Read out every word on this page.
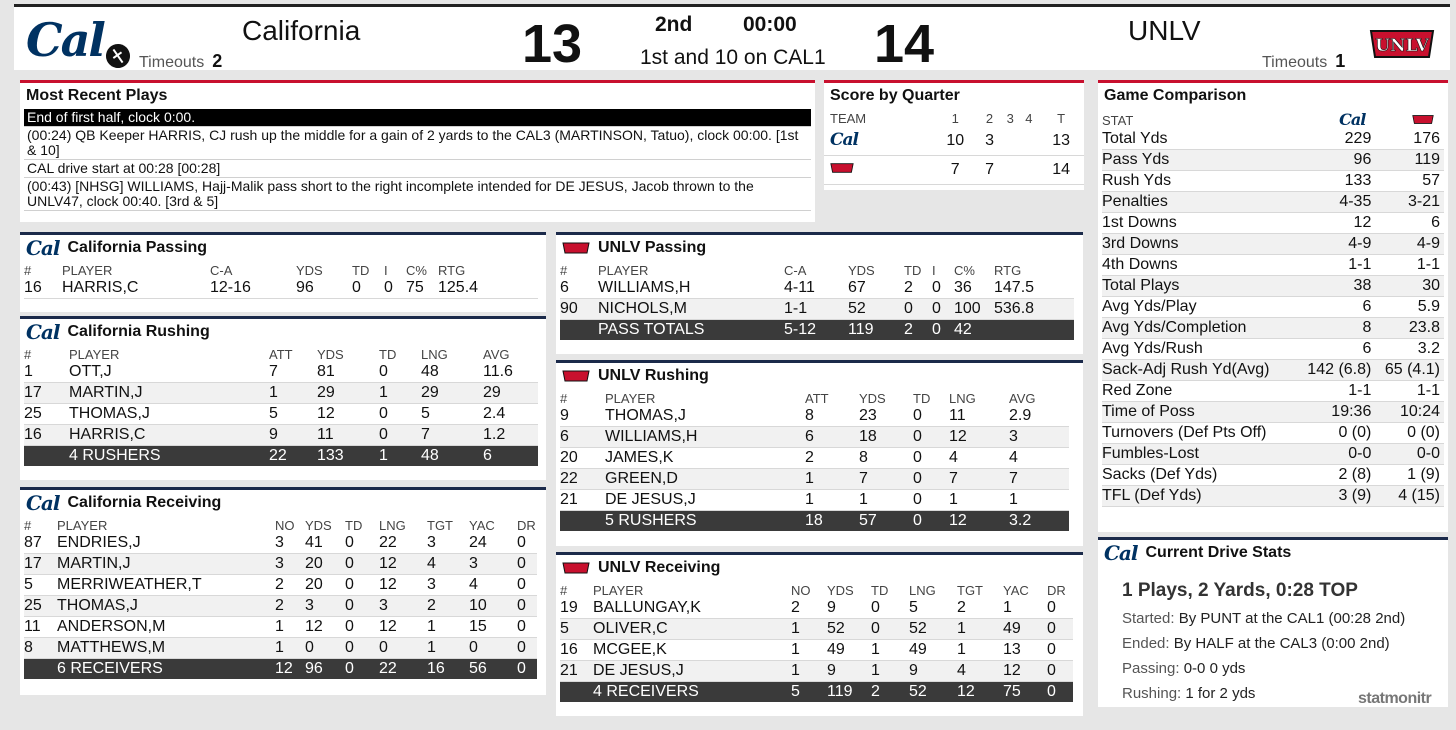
Cal	California
Timeouts 2	13	2nd 00:00
1st and 10 on CAL1 14	UNLV
Timeouts 1
UNLV
Most Recent Plays
End of first half, clock 0:00.
(00:24) QB Keeper HARRIS, CJ rush up the middle for a gain of 2 yards to the CAL3 (MARTINSON, Tatuo), clock 00:00. [1st & 10]
CAL drive start at 00:28 [00:28]
(00:43) [NHSG] WILLIAMS, Hajj-Malik pass short to the right incomplete intended for DE JESUS, Jacob thrown to the UNLV47, clock 00:40. [3rd & 5]
Score by Quarter
TEAM	1	2	3	4	T
Cal	10	3			13
	7	7			14
Game Comparison
STAT	Cal	
Total Yds	229	176
Pass Yds	96	119
Rush Yds	133	57
Penalties	4-35	3-21
1st Downs	12	6
3rd Downs	4-9	4-9
4th Downs	1-1	1-1
Total Plays	38	30
Avg Yds/Play	6	5.9
Avg Yds/Completion	8	23.8
Avg Yds/Rush	6	3.2
Sack-Adj Rush Yd(Avg)	142 (6.8)	65 (4.1)
Red Zone	1-1	1-1
Time of Poss	19:36	10:24
Turnovers (Def Pts Off)	0 (0)	0 (0)
Fumbles-Lost	0-0	0-0
Sacks (Def Yds)	2 (8)	1 (9)
TFL (Def Yds)	3 (9)	4 (15)
Cal California Passing
#	PLAYER	C-A	YDS	TD	I	C%	RTG
16	HARRIS,C	12-16	96	0	0	75	125.4
Cal California Rushing
#	PLAYER	ATT	YDS	TD	LNG	AVG
1	OTT,J	7	81	0	48	11.6
17	MARTIN,J	1	29	1	29	29
25	THOMAS,J	5	12	0	5	2.4
16	HARRIS,C	9	11	0	7	1.2
	4 RUSHERS	22	133	1	48	6
Cal California Receiving
#	PLAYER	NO	YDS	TD	LNG	TGT	YAC	DR
87	ENDRIES,J	3	41	0	22	3	24	0
17	MARTIN,J	3	20	0	12	4	3	0
5	MERRIWEATHER,T	2	20	0	12	3	4	0
25	THOMAS,J	2	3	0	3	2	10	0
11	ANDERSON,M	1	12	0	12	1	15	0
8	MATTHEWS,M	1	0	0	0	1	0	0
	6 RECEIVERS	12	96	0	22	16	56	0
UNLV Passing
#	PLAYER	C-A	YDS	TD	I	C%	RTG
6	WILLIAMS,H	4-11	67	2	0	36	147.5
90	NICHOLS,M	1-1	52	0	0	100	536.8
	PASS TOTALS	5-12	119	2	0	42	
UNLV Rushing
#	PLAYER	ATT	YDS	TD	LNG	AVG
9	THOMAS,J	8	23	0	11	2.9
6	WILLIAMS,H	6	18	0	12	3
20	JAMES,K	2	8	0	4	4
22	GREEN,D	1	7	0	7	7
21	DE JESUS,J	1	1	0	1	1
	5 RUSHERS	18	57	0	12	3.2
UNLV Receiving
#	PLAYER	NO	YDS	TD	LNG	TGT	YAC	DR
19	BALLUNGAY,K	2	9	0	5	2	1	0
5	OLIVER,C	1	52	0	52	1	49	0
16	MCGEE,K	1	49	1	49	1	13	0
21	DE JESUS,J	1	9	1	9	4	12	0
	4 RECEIVERS	5	119	2	52	12	75	0
Cal Current Drive Stats
1 Plays, 2 Yards, 0:28 TOP
Started: By PUNT at the CAL1 (00:28 2nd)
Ended: By HALF at the CAL3 (0:00 2nd)
Passing: 0-0 0 yds
Rushing: 1 for 2 yds	statmonitr
